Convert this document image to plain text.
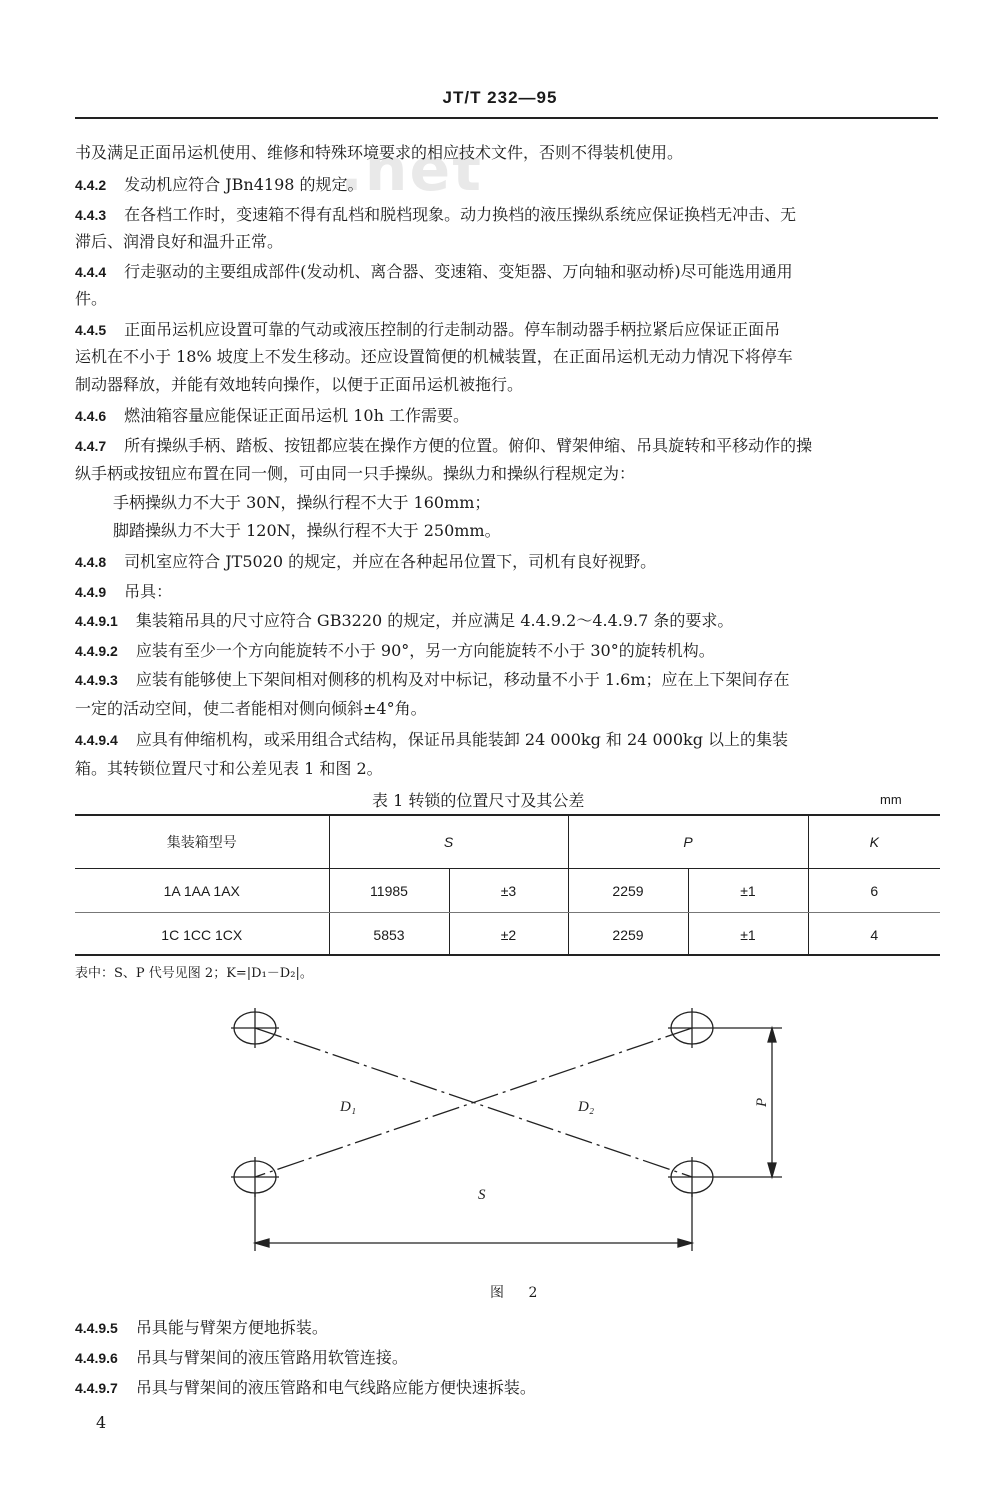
JT/T 232—95
.net
书及满足正面吊运机使用、维修和特殊环境要求的相应技术文件，否则不得装机使用。
4.4.2 发动机应符合 JBn4198 的规定。
4.4.3 在各档工作时，变速箱不得有乱档和脱档现象。动力换档的液压操纵系统应保证换档无冲击、无
滞后、润滑良好和温升正常。
4.4.4 行走驱动的主要组成部件(发动机、离合器、变速箱、变矩器、万向轴和驱动桥)尽可能选用通用
件。
4.4.5 正面吊运机应设置可靠的气动或液压控制的行走制动器。停车制动器手柄拉紧后应保证正面吊
运机在不小于 18% 坡度上不发生移动。还应设置简便的机械装置，在正面吊运机无动力情况下将停车
制动器释放，并能有效地转向操作，以便于正面吊运机被拖行。
4.4.6 燃油箱容量应能保证正面吊运机 10h 工作需要。
4.4.7 所有操纵手柄、踏板、按钮都应装在操作方便的位置。俯仰、臂架伸缩、吊具旋转和平移动作的操
纵手柄或按钮应布置在同一侧，可由同一只手操纵。操纵力和操纵行程规定为：
手柄操纵力不大于 30N，操纵行程不大于 160mm；
脚踏操纵力不大于 120N，操纵行程不大于 250mm。
4.4.8 司机室应符合 JT5020 的规定，并应在各种起吊位置下，司机有良好视野。
4.4.9 吊具：
4.4.9.1 集装箱吊具的尺寸应符合 GB3220 的规定，并应满足 4.4.9.2～4.4.9.7 条的要求。
4.4.9.2 应装有至少一个方向能旋转不小于 90°，另一方向能旋转不小于 30°的旋转机构。
4.4.9.3 应装有能够使上下架间相对侧移的机构及对中标记，移动量不小于 1.6m；应在上下架间存在
一定的活动空间，使二者能相对侧向倾斜±4°角。
4.4.9.4 应具有伸缩机构，或采用组合式结构，保证吊具能装卸 24 000kg 和 24 000kg 以上的集装
箱。其转锁位置尺寸和公差见表 1 和图 2。
表 1 转锁的位置尺寸及其公差	mm
集装箱型号	S		P		K
1A 1AA 1AX	11985	±3	2259	±1	6
1C 1CC 1CX	5853	±2	2259	±1	4
表中：S、P 代号见图 2；K=|D₁－D₂|。
D₁	D₂
S
P
图 2
4.4.9.5 吊具能与臂架方便地拆装。
4.4.9.6 吊具与臂架间的液压管路用软管连接。
4.4.9.7 吊具与臂架间的液压管路和电气线路应能方便快速拆装。
4
